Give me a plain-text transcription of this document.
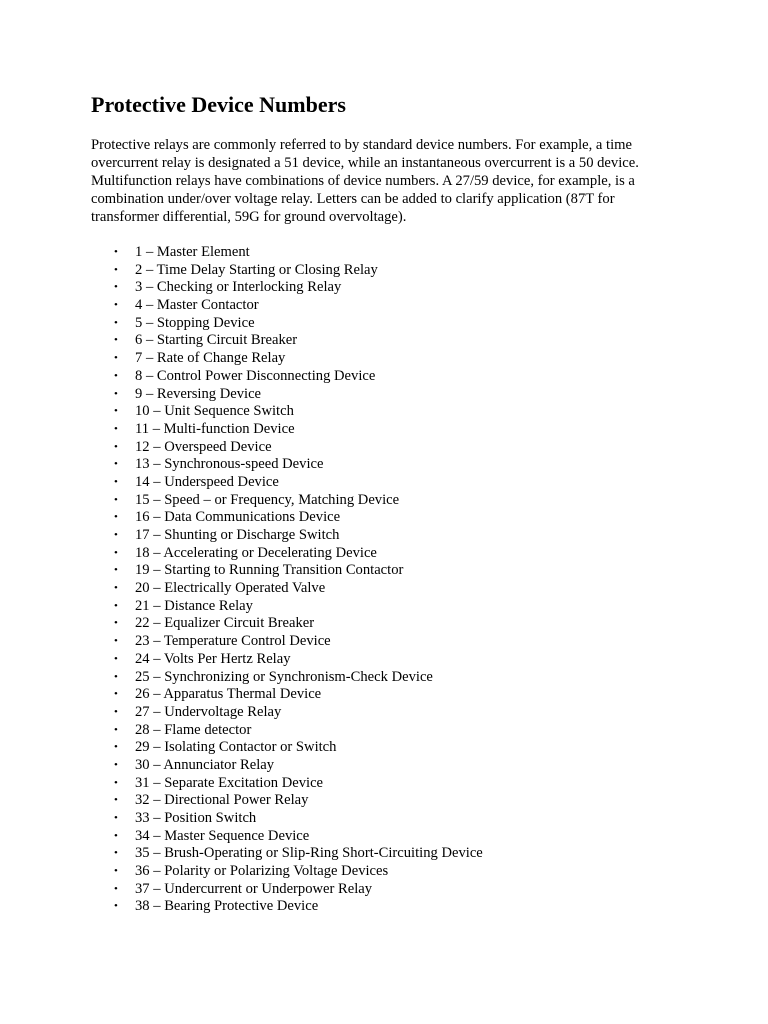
Protective Device Numbers

Protective relays are commonly referred to by standard device numbers. For example, a time overcurrent relay is designated a 51 device, while an instantaneous overcurrent is a 50 device. Multifunction relays have combinations of device numbers. A 27/59 device, for example, is a combination under/over voltage relay. Letters can be added to clarify application (87T for transformer differential, 59G for ground overvoltage).

• 1 – Master Element
• 2 – Time Delay Starting or Closing Relay
• 3 – Checking or Interlocking Relay
• 4 – Master Contactor
• 5 – Stopping Device
• 6 – Starting Circuit Breaker
• 7 – Rate of Change Relay
• 8 – Control Power Disconnecting Device
• 9 – Reversing Device
• 10 – Unit Sequence Switch
• 11 – Multi-function Device
• 12 – Overspeed Device
• 13 – Synchronous-speed Device
• 14 – Underspeed Device
• 15 – Speed – or Frequency, Matching Device
• 16 – Data Communications Device
• 17 – Shunting or Discharge Switch
• 18 – Accelerating or Decelerating Device
• 19 – Starting to Running Transition Contactor
• 20 – Electrically Operated Valve
• 21 – Distance Relay
• 22 – Equalizer Circuit Breaker
• 23 – Temperature Control Device
• 24 – Volts Per Hertz Relay
• 25 – Synchronizing or Synchronism-Check Device
• 26 – Apparatus Thermal Device
• 27 – Undervoltage Relay
• 28 – Flame detector
• 29 – Isolating Contactor or Switch
• 30 – Annunciator Relay
• 31 – Separate Excitation Device
• 32 – Directional Power Relay
• 33 – Position Switch
• 34 – Master Sequence Device
• 35 – Brush-Operating or Slip-Ring Short-Circuiting Device
• 36 – Polarity or Polarizing Voltage Devices
• 37 – Undercurrent or Underpower Relay
• 38 – Bearing Protective Device
